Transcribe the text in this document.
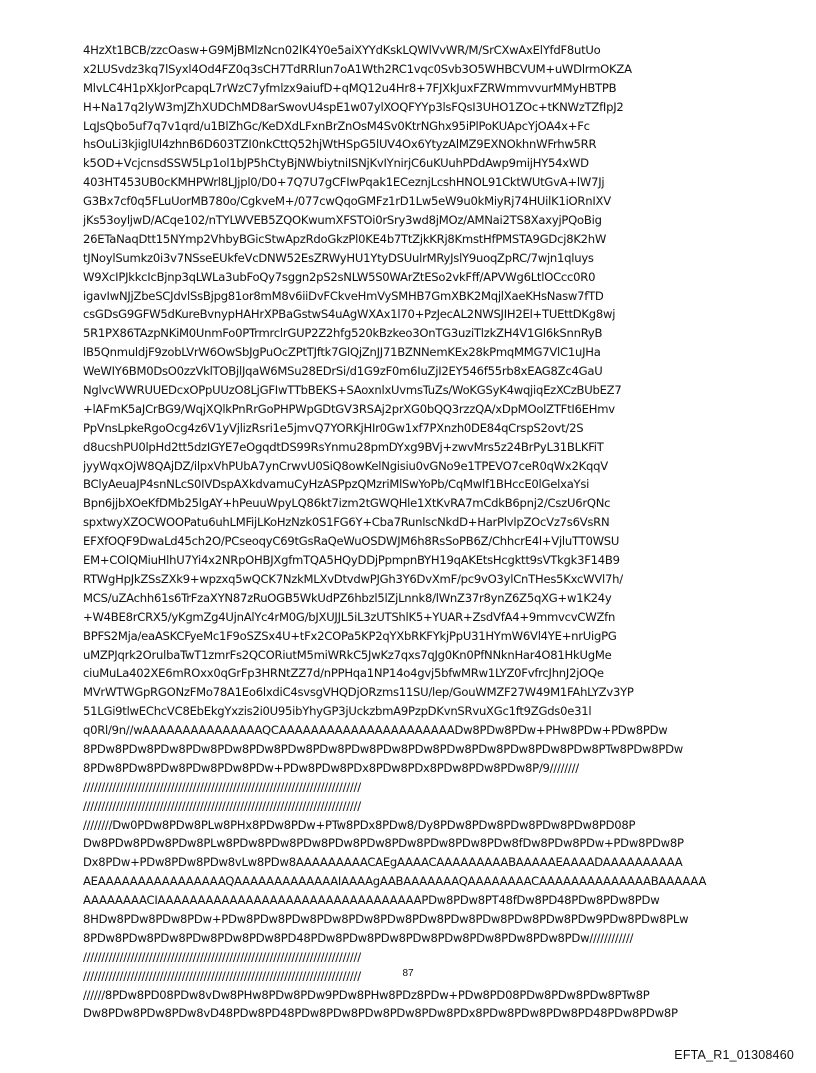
4HzXt1BCB/zzcOasw+G9MjBMlzNcn02lK4Y0e5aiXYYdKskLQWlVvWR/M/SrCXwAxElYfdF8utUo
x2LUSvdz3kq7lSyxl4Od4FZ0q3sCH7TdRRlun7oA1Wth2RC1vqc0Svb3O5WHBCVUM+uWDlrmOKZA
MlvLC4H1pXkJorPcapqL7rWzC7yfmlzx9aiufD+qMQ12u4Hr8+7FJXkJuxFZRWmmvvurMMyHBTPB
H+Na17q2lyW3mJZhXUDChMD8arSwovU4spE1w07ylXOQFYYp3lsFQsI3UHO1ZOc+tKNWzTZfIpJ2
LqJsQbo5uf7q7v1qrd/u1BlZhGc/KeDXdLFxnBrZnOsM4Sv0KtrNGhx95iPlPoKUApcYjOA4x+Fc
hsOuLi3kjiglUl4zhnB6D603TZI0nkCttQ52hjWtHSpG5lUV4Ox6YtyzAlMZ9EXNOkhnWFrhw5RR
k5OD+VcjcnsdSSW5Lp1ol1bJP5hCtyBjNWbiytniISNjKvIYnirjC6uKUuhPDdAwp9mijHY54xWD
403HT453UB0cKMHPWrl8LJjpl0/D0+7Q7U7gCFIwPqak1ECeznjLcshHNOL91CktWUtGvA+lW7Jj
G3Bx7cf0q5FLuUorMB780o/CgkveM+/077cwQqoGMFz1rD1Lw5eW9u0kMiyRj74HUilK1iORnIXV
jKs53oyljwD/ACqe102/nTYLWVEB5ZQOKwumXFSTOi0rSry3wd8jMOz/AMNai2TS8XaxyjPQoBig
26ETaNaqDtt15NYmp2VhbyBGicStwApzRdoGkzPl0KE4b7TtZjkKRj8KmstHfPMSTA9GDcj8K2hW
tJNoylSumkz0i3v7NSseEUkfeVcDNW52EsZRWyHU1YtyDSUulrMRyJslY9uoqZpRC/7wjn1qluys
W9XcIPJkkcIcBjnp3qLWLa3ubFoQy7sggn2pS2sNLW5S0WArZtESo2vkFff/APVWg6LtlOCcc0R0
igavIwNJjZbeSCJdvlSsBjpg81or8mM8v6iiDvFCkveHmVySMHB7GmXBK2MqjlXaeKHsNasw7fTD
csGDsG9GFW5dKureBvnypHAHrXPBaGstwS4uAgWXAx1l70+PzJecAL2NWSJIH2El+TUEttDKg8wj
5R1PX86TAzpNKiM0UnmFo0PTrmrclrGUP2Z2hfg520kBzkeo3OnTG3uziTlzkZH4V1Gl6kSnnRyB
lB5QnmuldjF9zobLVrW6OwSbJgPuOcZPtTJftk7GlQjZnJJ71BZNNemKEx28kPmqMMG7VlC1uJHa
WeWIY6BM0DsO0zzVklTOBjlJqaW6MSu28EDrSi/d1G9zF0m6IuZjI2EY546f55rb8xEAG8Zc4GaU
NglvcWWRUUEDcxOPpUUzO8LjGFIwTTbBEKS+SAoxnlxUvmsTuZs/WoKGSyK4wqjiqEzXCzBUbEZ7
+lAFmK5aJCrBG9/WqjXQlkPnRrGoPHPWpGDtGV3RSAj2prXG0bQQ3rzzQA/xDpMOolZTFtI6EHmv
PpVnsLpkeRgoOcg4z6V1yVjlizRsri1e5jmvQ7YORKjHIr0Gw1xf7PXnzh0DE84qCrspS2ovt/2S
d8ucshPU0lpHd2tt5dzIGYE7eOgqdtDS99RsYnmu28pmDYxg9BVj+zwvMrs5z24BrPyL31BLKFiT
jyyWqxOjW8QAjDZ/ilpxVhPUbA7ynCrwvU0SiQ8owKelNgisiu0vGNo9e1TPEVO7ceR0qWx2KqqV
BClyAeuaJP4snNLcS0IVDspAXkdvamuCyHzASPpzQMzriMlSwYoPb/CqMwlf1BHccE0lGelxaYsi
Bpn6jjbXOeKfDMb25lgAY+hPeuuWpyLQ86kt7izm2tGWQHle1XtKvRA7mCdkB6pnj2/CszU6rQNc
spxtwyXZOCWOOPatu6uhLMFijLKoHzNzk0S1FG6Y+Cba7RunlscNkdD+HarPlvlpZOcVz7s6VsRN
EFXfOQF9DwaLd45ch2O/PCseoqyC69tGsRaQeWuOSDWJM6h8RsSoPB6Z/ChhcrE4l+VjluTT0WSU
EM+COlQMiuHlhU7Yi4x2NRpOHBJXgfmTQA5HQyDDjPpmpnBYH19qAKEtsHcgktt9sVTkgk3F14B9
RTWgHpJkZSsZXk9+wpzxq5wQCK7NzkMLXvDtvdwPJGh3Y6DvXmF/pc9vO3ylCnTHes5KxcWVl7h/
MCS/uZAchh61s6TrFzaXYN87zRuOGB5WkUdPZ6hbzl5lZjLnnk8/lWnZ37r8ynZ6Z5qXG+w1K24y
+W4BE8rCRX5/yKgmZg4UjnAlYc4rM0G/bJXUJJL5iL3zUTShlK5+YUAR+ZsdVfA4+9mmvcvCWZfn
BPFS2Mja/eaASKCFyeMc1F9oSZSx4U+tFx2COPa5KP2qYXbRKFYkjPpU31HYmW6Vl4YE+nrUigPG
uMZPJqrk2OrulbaTwT1zmrFs2QCORiutM5miWRkC5JwKz7qxs7qJg0Kn0PfNNknHar4O81HkUgMe
ciuMuLa402XE6mROxx0qGrFp3HRNtZZ7d/nPPHqa1NP14o4gvj5bfwMRw1LYZ0FvfrcJhnJ2jOQe
MVrWTWGpRGONzFMo78A1Eo6lxdiC4svsgVHQDjORzms11SU/lep/GouWMZF27W49M1FAhLYZv3YP
51LGi9tlwEChcVC8EbEkgYxzis2i0U95ibYhyGP3jUckzbmA9PzpDKvnSRvuXGc1ft9ZGds0e31l
q0Rl/9n//wAAAAAAAAAAAAAAAQCAAAAAAAAAAAAAAAAAAAAAADw8PDw8PDw+PHw8PDw+PDw8PDw
8PDw8PDw8PDw8PDw8PDw8PDw8PDw8PDw8PDw8PDw8PDw8PDw8PDw8PDw8PDw8PDw8PTw8PDw8PDw
8PDw8PDw8PDw8PDw8PDw8PDw+PDw8PDw8PDx8PDw8PDx8PDw8PDw8PDw8P/9////////
////////////////////////////////////////////////////////////////////////////
////////////////////////////////////////////////////////////////////////////
////////Dw0PDw8PDw8PLw8PHx8PDw8PDw+PTw8PDx8PDw8/Dy8PDw8PDw8PDw8PDw8PDw8PD08P
Dw8PDw8PDw8PDw8PLw8PDw8PDw8PDw8PDw8PDw8PDw8PDw8PDw8PDw8fDw8PDw8PDw+PDw8PDw8P
Dx8PDw+PDw8PDw8PDw8vLw8PDw8AAAAAAAAACAEgAAAACAAAAAAAAABAAAAAEAAAADAAAAAAAAAA
AEAAAAAAAAAAAAAAAAQAAAAAAAAAAAAAIAAAAgAABAAAAAAAQAAAAAAAACAAAAAAAAAAAAAABAAAAAA
AAAAAAAACIAAAAAAAAAAAAAAAAAAAAAAAAAAAAAAAAAPDw8PDw8PT48fDw8PD48PDw8PDw8PDw
8HDw8PDw8PDw8PDw+PDw8PDw8PDw8PDw8PDw8PDw8PDw8PDw8PDw8PDw8PDw8PDw9PDw8PDw8PLw
8PDw8PDw8PDw8PDw8PDw8PDw8PD48PDw8PDw8PDw8PDw8PDw8PDw8PDw8PDw8PDw////////////
////////////////////////////////////////////////////////////////////////////
////////////////////////////////////////////////////////////////////////////
//////8PDw8PD08PDw8vDw8PHw8PDw8PDw9PDw8PHw8PDz8PDw+PDw8PD08PDw8PDw8PDw8PTw8P
Dw8PDw8PDw8PDw8vD48PDw8PD48PDw8PDw8PDw8PDw8PDw8PDx8PDw8PDw8PDw8PD48PDw8PDw8P
87
EFTA_R1_01308460
